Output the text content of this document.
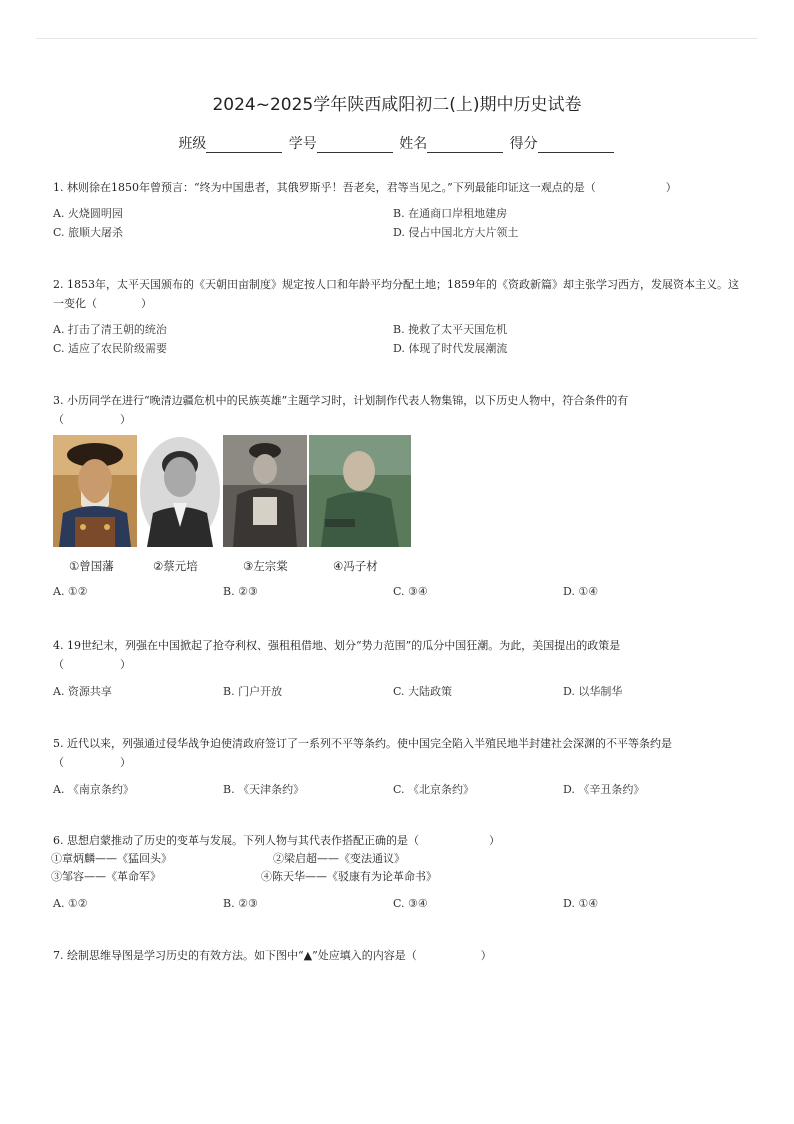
2024~2025学年陕西咸阳初二(上)期中历史试卷
班级	学号	姓名	得分
1. 林则徐在1850年曾预言：“终为中国患者，其俄罗斯乎！吾老矣，君等当见之。”下列最能印证这一观点的是（	）
A. 火烧圆明园	B. 在通商口岸租地建房
C. 旅顺大屠杀	D. 侵占中国北方大片领土
2. 1853年，太平天国颁布的《天朝田亩制度》规定按人口和年龄平均分配土地；1859年的《资政新篇》却主张学习西方，发展资本主义。这一变化（	）
A. 打击了清王朝的统治	B. 挽救了太平天国危机
C. 适应了农民阶级需要	D. 体现了时代发展潮流
3. 小历同学在进行“晚清边疆危机中的民族英雄”主题学习时，计划制作代表人物集锦，以下历史人物中，符合条件的有
（	）
①曾国藩	②蔡元培	③左宗棠	④冯子材
A. ①②	B. ②③	C. ③④	D. ①④
4. 19世纪末，列强在中国掀起了抢夺利权、强租租借地、划分“势力范围”的瓜分中国狂潮。为此，美国提出的政策是
（	）
A. 资源共享	B. 门户开放	C. 大陆政策	D. 以华制华
5. 近代以来，列强通过侵华战争迫使清政府签订了一系列不平等条约。使中国完全陷入半殖民地半封建社会深渊的不平等条约是
（	）
A. 《南京条约》	B. 《天津条约》	C. 《北京条约》	D. 《辛丑条约》
6. 思想启蒙推动了历史的变革与发展。下列人物与其代表作搭配正确的是（	）
①章炳麟——《猛回头》	②梁启超——《变法通议》
③邹容——《革命军》	④陈天华——《驳康有为论革命书》
A. ①②	B. ②③	C. ③④	D. ①④
7. 绘制思维导图是学习历史的有效方法。如下图中“▲”处应填入的内容是（	）
